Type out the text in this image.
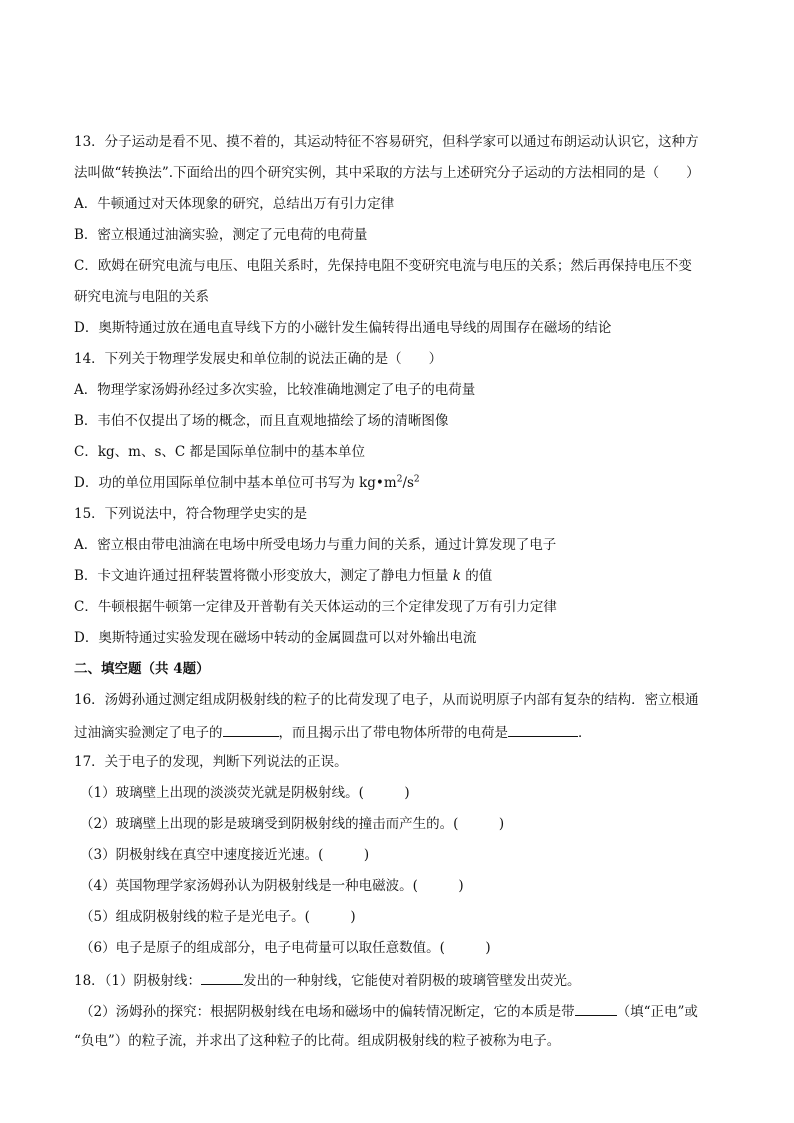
13．分子运动是看不见、摸不着的，其运动特征不容易研究，但科学家可以通过布朗运动认识它，这种方
法叫做“转换法”.下面给出的四个研究实例，其中采取的方法与上述研究分子运动的方法相同的是（　　）
A．牛顿通过对天体现象的研究，总结出万有引力定律
B．密立根通过油滴实验，测定了元电荷的电荷量
C．欧姆在研究电流与电压、电阻关系时，先保持电阻不变研究电流与电压的关系；然后再保持电压不变
研究电流与电阻的关系
D．奥斯特通过放在通电直导线下方的小磁针发生偏转得出通电导线的周围存在磁场的结论
14．下列关于物理学发展史和单位制的说法正确的是（　　）
A．物理学家汤姆孙经过多次实验，比较准确地测定了电子的电荷量
B．韦伯不仅提出了场的概念，而且直观地描绘了场的清晰图像
C．kg、m、s、C 都是国际单位制中的基本单位
D．功的单位用国际单位制中基本单位可书写为 $kg•m^2/s^2$
15．下列说法中，符合物理学史实的是
A．密立根由带电油滴在电场中所受电场力与重力间的关系，通过计算发现了电子
B．卡文迪许通过扭秤装置将微小形变放大，测定了静电力恒量 k 的值
C．牛顿根据牛顿第一定律及开普勒有关天体运动的三个定律发现了万有引力定律
D．奥斯特通过实验发现在磁场中转动的金属圆盘可以对外输出电流
二、填空题（共 4题）
16．汤姆孙通过测定组成阴极射线的粒子的比荷发现了电子，从而说明原子内部有复杂的结构．密立根通
过油滴实验测定了电子的	，而且揭示出了带电物体所带的电荷是	．
17．关于电子的发现，判断下列说法的正误。
（1）玻璃壁上出现的淡淡荧光就是阴极射线。(　　　)
（2）玻璃壁上出现的影是玻璃受到阴极射线的撞击而产生的。(　　　)
（3）阴极射线在真空中速度接近光速。(　　　)
（4）英国物理学家汤姆孙认为阴极射线是一种电磁波。(　　　)
（5）组成阴极射线的粒子是光电子。(　　　)
（6）电子是原子的组成部分，电子电荷量可以取任意数值。(　　　)
18．（1）阴极射线：	发出的一种射线，它能使对着阴极的玻璃管壁发出荧光。
（2）汤姆孙的探究：根据阴极射线在电场和磁场中的偏转情况断定，它的本质是带	（填“正电”或
“负电”）的粒子流，并求出了这种粒子的比荷。组成阴极射线的粒子被称为电子。
